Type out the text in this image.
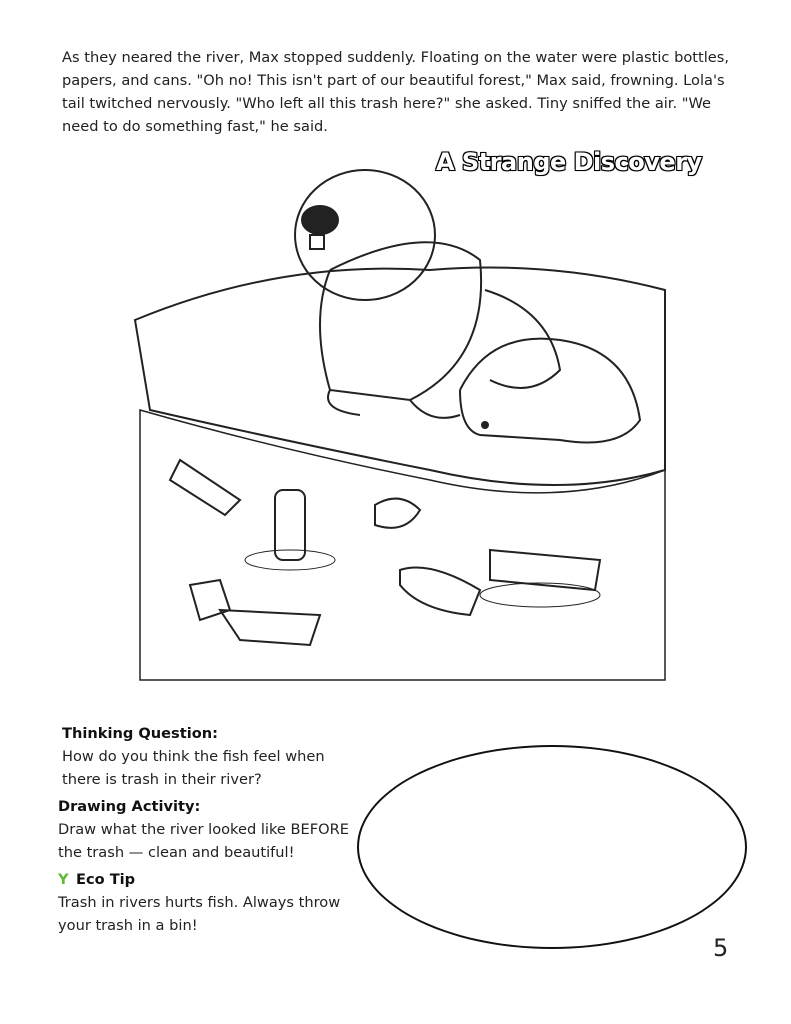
As they neared the river, Max stopped suddenly. Floating on the water were plastic bottles, papers, and cans. "Oh no! This isn't part of our beautiful forest," Max said, frowning. Lola's tail twitched nervously. "Who left all this trash here?" she asked. Tiny sniffed the air. "We need to do something fast," he said.

A Strange Discovery
Thinking Question:

How do you think the fish feel when there is trash in their river?

Drawing Activity:

Draw what the river looked like BEFORE the trash — clean and beautiful!

Y Eco Tip

Trash in rivers hurts fish. Always throw your trash in a bin!

5
